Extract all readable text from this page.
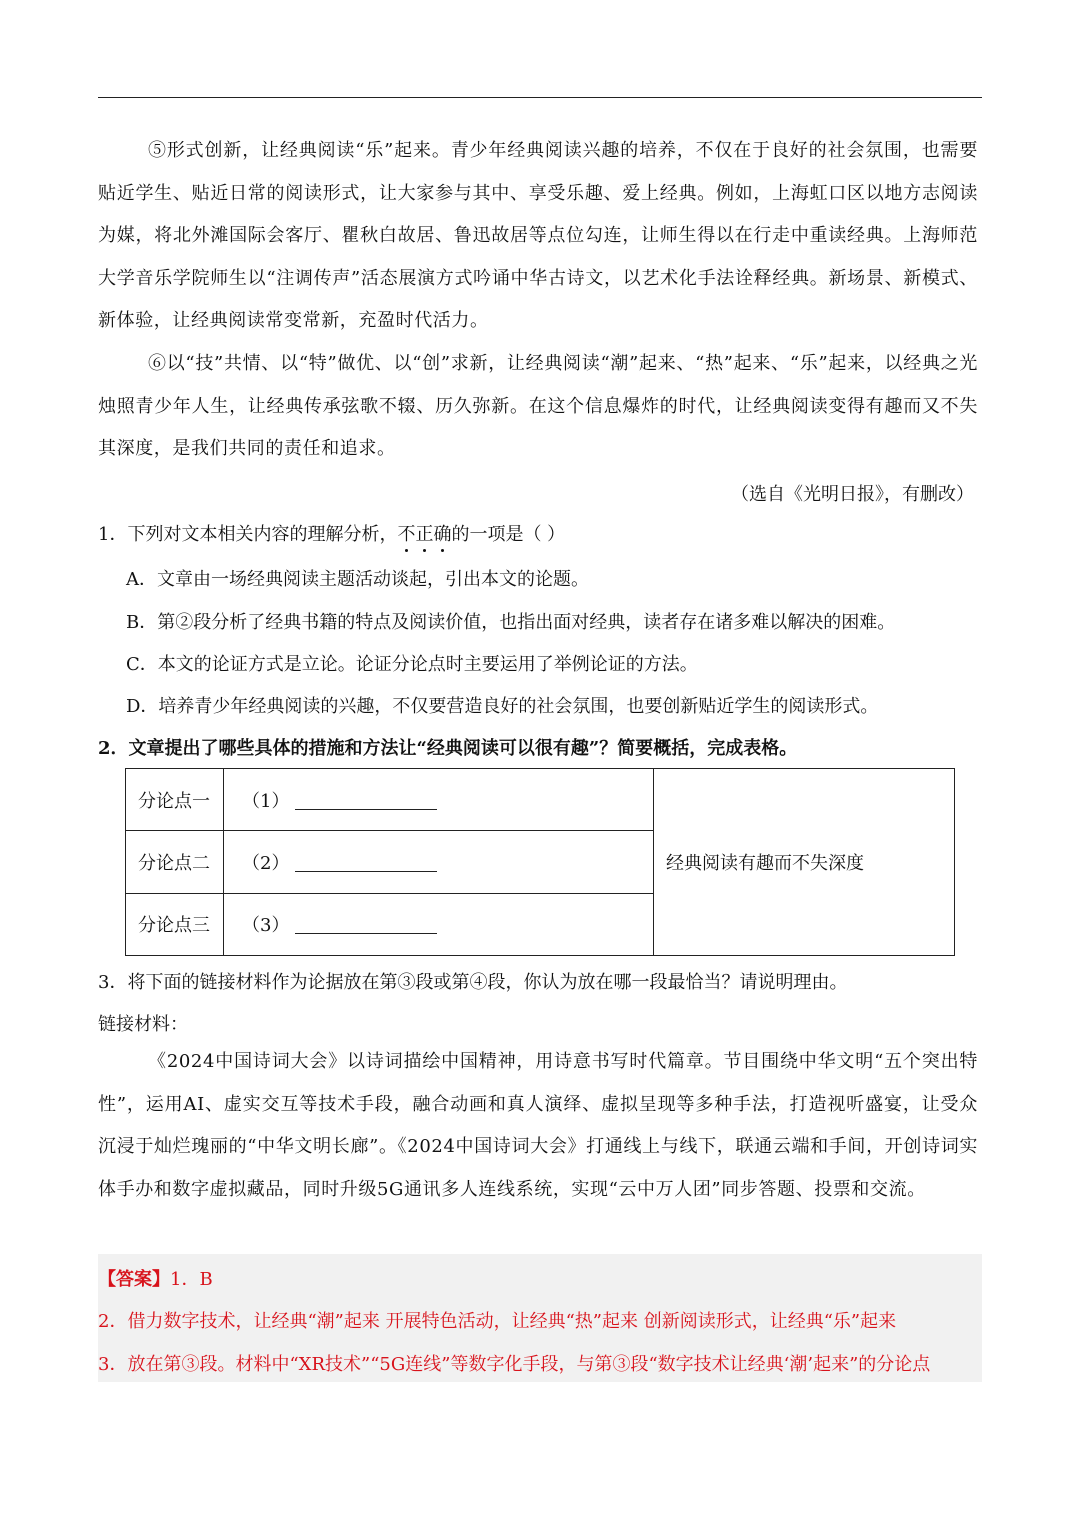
⑤形式创新，让经典阅读“乐”起来。青少年经典阅读兴趣的培养，不仅在于良好的社会氛围，也需要贴近学生、贴近日常的阅读形式，让大家参与其中、享受乐趣、爱上经典。例如，上海虹口区以地方志阅读为媒，将北外滩国际会客厅、瞿秋白故居、鲁迅故居等点位勾连，让师生得以在行走中重读经典。上海师范大学音乐学院师生以“注调传声”活态展演方式吟诵中华古诗文，以艺术化手法诠释经典。新场景、新模式、新体验，让经典阅读常变常新，充盈时代活力。

⑥以“技”共情、以“特”做优、以“创”求新，让经典阅读“潮”起来、“热”起来、“乐”起来，以经典之光烛照青少年人生，让经典传承弦歌不辍、历久弥新。在这个信息爆炸的时代，让经典阅读变得有趣而又不失其深度，是我们共同的责任和追求。

（选自《光明日报》，有删改）
1．下列对文本相关内容的理解分析，不正确的一项是（ ）
A．文章由一场经典阅读主题活动谈起，引出本文的论题。
B．第②段分析了经典书籍的特点及阅读价值，也指出面对经典，读者存在诸多难以解决的困难。
C．本文的论证方式是立论。论证分论点时主要运用了举例论证的方法。
D．培养青少年经典阅读的兴趣，不仅要营造良好的社会氛围，也要创新贴近学生的阅读形式。
2．文章提出了哪些具体的措施和方法让“经典阅读可以很有趣”？简要概括，完成表格。
分论点一	（1）	经典阅读有趣而不失深度
分论点二	（2）	
分论点三	（3）	
3．将下面的链接材料作为论据放在第③段或第④段，你认为放在哪一段最恰当？请说明理由。
链接材料：

《2024中国诗词大会》以诗词描绘中国精神，用诗意书写时代篇章。节目围绕中华文明“五个突出特性”，运用AI、虚实交互等技术手段，融合动画和真人演绎、虚拟呈现等多种手法，打造视听盛宴，让受众沉浸于灿烂瑰丽的“中华文明长廊”。《2024中国诗词大会》打通线上与线下，联通云端和手间，开创诗词实体手办和数字虚拟藏品，同时升级5G通讯多人连线系统，实现“云中万人团”同步答题、投票和交流。

【答案】1．B
2．借力数字技术，让经典“潮”起来 开展特色活动，让经典“热”起来 创新阅读形式，让经典“乐”起来
3．放在第③段。材料中“XR技术”“5G连线”等数字化手段，与第③段“数字技术让经典‘潮’起来”的分论点
